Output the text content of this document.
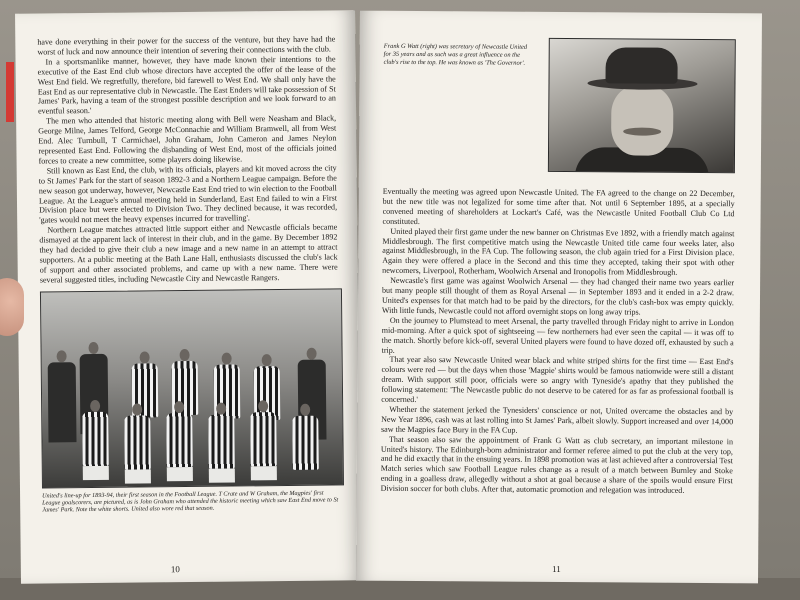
have done everything in their power for the success of the venture, but they have had the worst of luck and now announce their intention of severing their connections with the club.

In a sportsmanlike manner, however, they have made known their intentions to the executive of the East End club whose directors have accepted the offer of the lease of the West End field. We regretfully, therefore, bid farewell to West End. We shall only have the East End as our representative club in Newcastle. The East Enders will take possession of St James' Park, having a team of the strongest possible description and we look forward to an eventful season.'

The men who attended that historic meeting along with Bell were Neasham and Black, George Milne, James Telford, George McConnachie and William Bramwell, all from West End. Alec Turnbull, T Carmichael, John Graham, John Cameron and James Neylon represented East End. Following the disbanding of West End, most of the officials joined forces to create a new committee, some players doing likewise.

Still known as East End, the club, with its officials, players and kit moved across the city to St James' Park for the start of season 1892-3 and a Northern League campaign. Before the new season got underway, however, Newcastle East End tried to win election to the Football League. At the League's annual meeting held in Sunderland, East End failed to win a First Division place but were elected to Division Two. They declined because, it was recorded, 'gates would not meet the heavy expenses incurred for travelling'.

Northern League matches attracted little support either and Newcastle officials became dismayed at the apparent lack of interest in their club, and in the game. By December 1892 they had decided to give their club a new image and a new name in an attempt to attract supporters. At a public meeting at the Bath Lane Hall, enthusiasts discussed the club's lack of support and other associated problems, and came up with a new name. There were several suggested titles, including Newcastle City and Newcastle Rangers.

United's line-up for 1893-94, their first season in the Football League. T Crate and W Graham, the Magpies' first League goalscorers, are pictured, as is John Graham who attended the historic meeting which saw East End move to St James' Park. Note the white shorts. United also wore red that season.

10

Frank G Watt (right) was secretary of Newcastle United for 35 years and as such was a great influence on the club's rise to the top. He was known as 'The Governor'.

Eventually the meeting was agreed upon Newcastle United. The FA agreed to the change on 22 December, but the new title was not legalized for some time after that. Not until 6 September 1895, at a specially convened meeting of shareholders at Lockart's Café, was the Newcastle United Football Club Co Ltd constituted.

United played their first game under the new banner on Christmas Eve 1892, with a friendly match against Middlesbrough. The first competitive match using the Newcastle United title came four weeks later, also against Middlesbrough, in the FA Cup. The following season, the club again tried for a First Division place. Again they were offered a place in the Second and this time they accepted, taking their spot with other newcomers, Liverpool, Rotherham, Woolwich Arsenal and Ironopolis from Middlesbrough.

Newcastle's first game was against Woolwich Arsenal — they had changed their name two years earlier but many people still thought of them as Royal Arsenal — in September 1893 and it ended in a 2-2 draw. United's expenses for that match had to be paid by the directors, for the club's cash-box was empty quickly. With little funds, Newcastle could not afford overnight stops on long away trips.

On the journey to Plumstead to meet Arsenal, the party travelled through Friday night to arrive in London mid-morning. After a quick spot of sightseeing — few northerners had ever seen the capital — it was off to the match. Shortly before kick-off, several United players were found to have dozed off, exhausted by such a trip.

That year also saw Newcastle United wear black and white striped shirts for the first time — East End's colours were red — but the days when those 'Magpie' shirts would be famous nationwide were still a distant dream. With support still poor, officials were so angry with Tyneside's apathy that they published the following statement: 'The Newcastle public do not deserve to be catered for as far as professional football is concerned.'

Whether the statement jerked the Tynesiders' conscience or not, United overcame the obstacles and by New Year 1896, cash was at last rolling into St James' Park, albeit slowly. Support increased and over 14,000 saw the Magpies face Bury in the FA Cup.

That season also saw the appointment of Frank G Watt as club secretary, an important milestone in United's history. The Edinburgh-born administrator and former referee aimed to put the club at the very top, and he did exactly that in the ensuing years. In 1898 promotion was at last achieved after a controversial Test Match series which saw Football League rules change as a result of a match between Burnley and Stoke ending in a goalless draw, allegedly without a shot at goal because a share of the spoils would ensure First Division soccer for both clubs. After that, automatic promotion and relegation was introduced.

11
